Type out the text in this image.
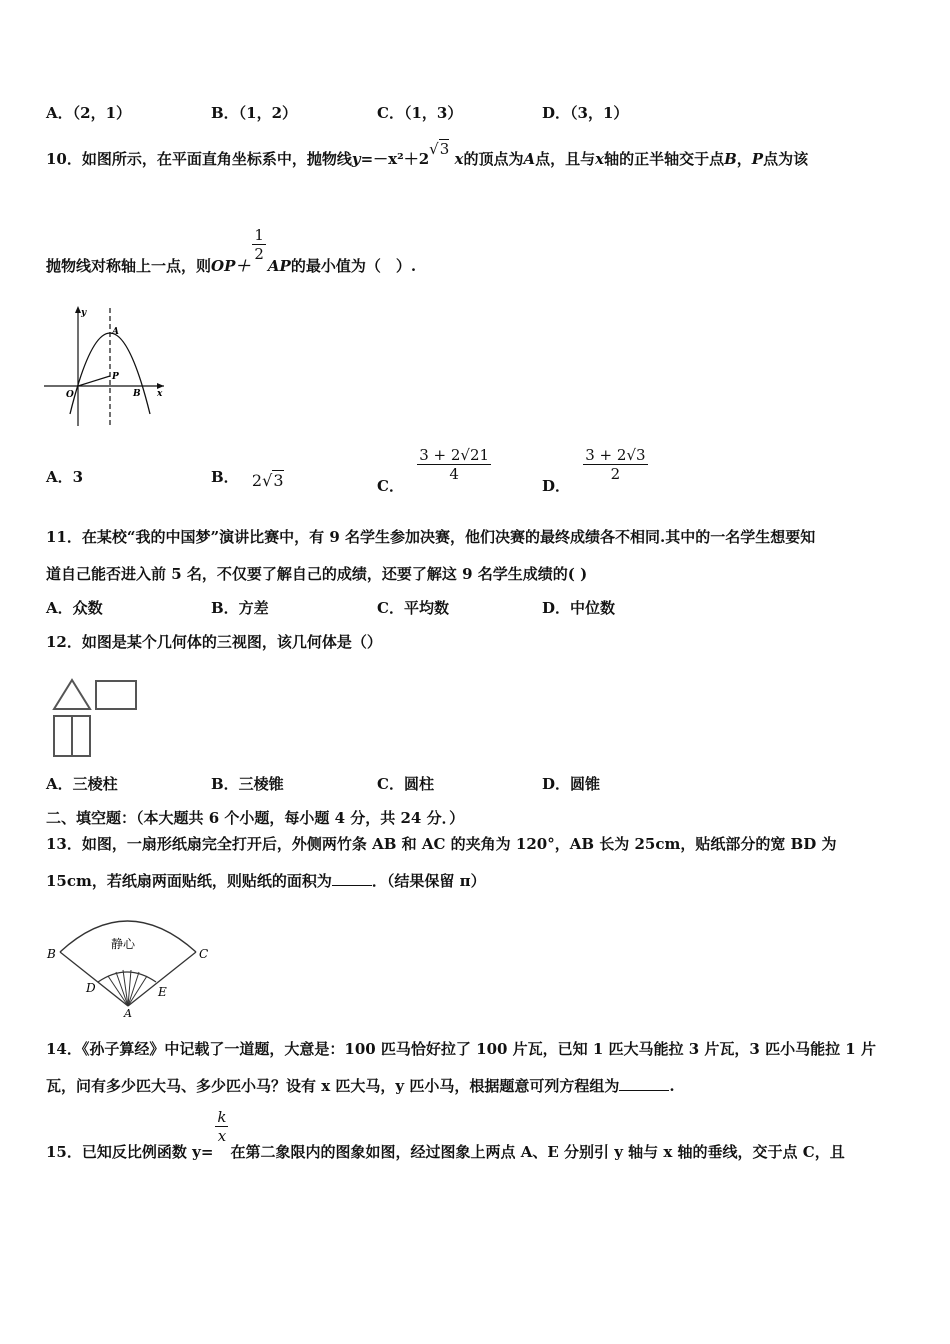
A．（2，1）	B．（1，2）	C．（1，3）	D．（3，1）
10．如图所示，在平面直角坐标系中，抛物线y=－x²＋2√3 x的顶点为A点，且与x轴的正半轴交于点B，P点为该
抛物线对称轴上一点，则OP＋
$\frac{1}{2}$
AP的最小值为（　）.
y
A
P
O	B x
A．3	B． 2√3	C．
$\frac{3 + 2√21}{4}$
D．
$\frac{3 + 2√3}{2}$
11．在某校“我的中国梦”演讲比赛中，有 9 名学生参加决赛，他们决赛的最终成绩各不相同.其中的一名学生想要知
道自己能否进入前 5 名，不仅要了解自己的成绩，还要了解这 9 名学生成绩的( )
A．众数	B．方差	C．平均数	D．中位数
12．如图是某个几何体的三视图，该几何体是（）
A．三棱柱	B．三棱锥	C．圆柱	D．圆锥
二、填空题：（本大题共 6 个小题，每小题 4 分，共 24 分．）
13．如图，一扇形纸扇完全打开后，外侧两竹条 AB 和 AC 的夹角为 120°，AB 长为 25cm，贴纸部分的宽 BD 为
15cm，若纸扇两面贴纸，则贴纸的面积为	．（结果保留 π）
静心
B	C
D	E
A
14．《孙子算经》中记载了一道题，大意是：100 匹马恰好拉了 100 片瓦，已知 1 匹大马能拉 3 片瓦，3 匹小马能拉 1 片
瓦，问有多少匹大马、多少匹小马？设有 x 匹大马，y 匹小马，根据题意可列方程组为	.
15．已知反比例函数 y=
$\frac{k}{x}$
在第二象限内的图象如图，经过图象上两点 A、E 分别引 y 轴与 x 轴的垂线，交于点 C，且
